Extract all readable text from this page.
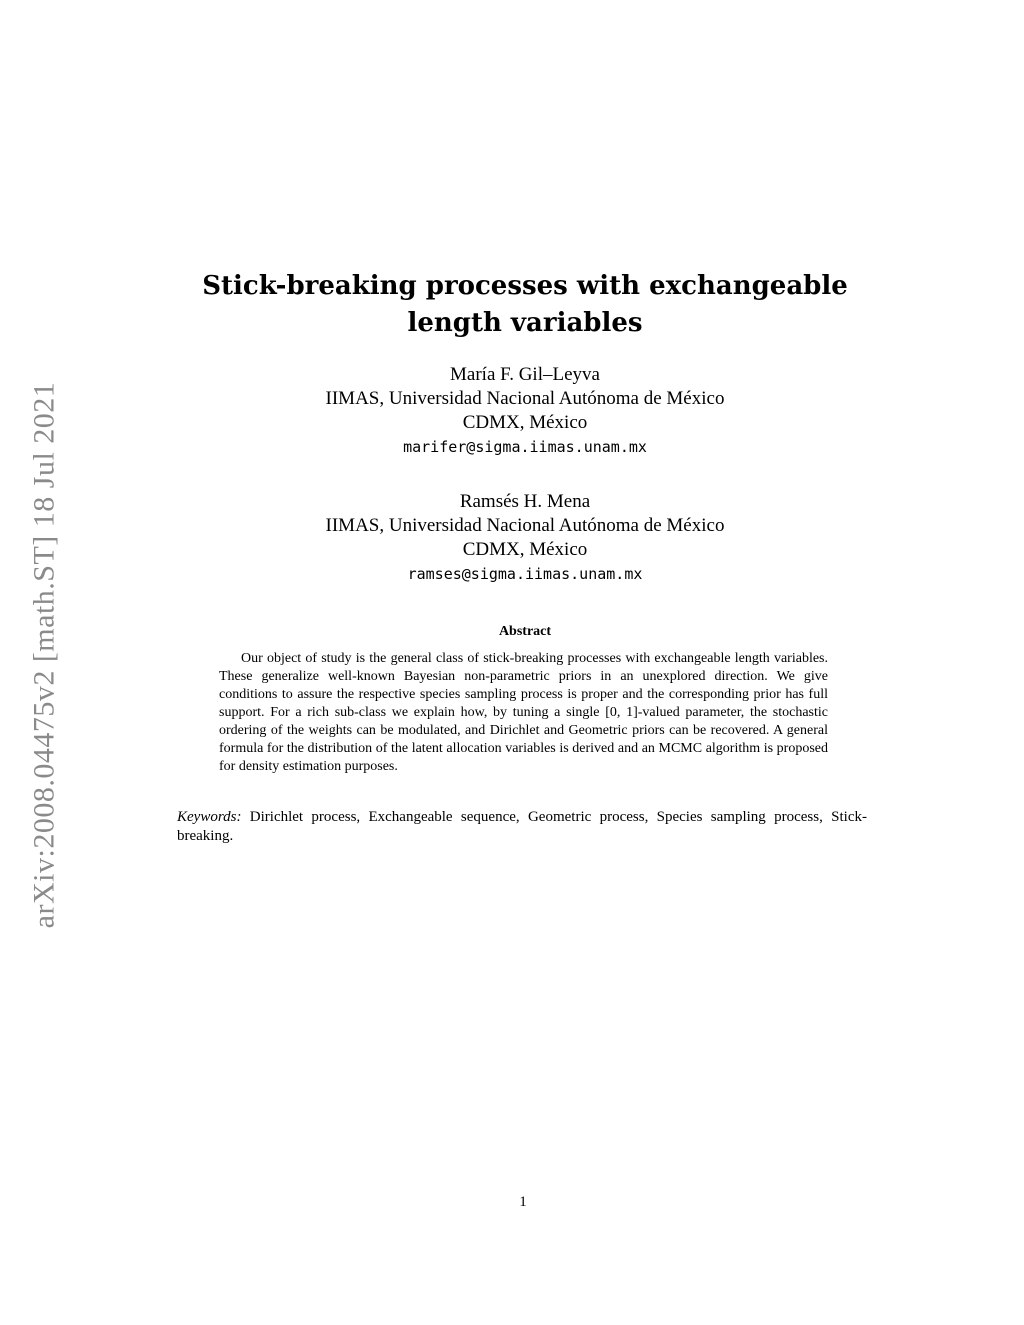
arXiv:2008.04475v2 [math.ST] 18 Jul 2021
Stick-breaking processes with exchangeable
length variables
María F. Gil–Leyva
IIMAS, Universidad Nacional Autónoma de México
CDMX, México
marifer@sigma.iimas.unam.mx
Ramsés H. Mena
IIMAS, Universidad Nacional Autónoma de México
CDMX, México
ramses@sigma.iimas.unam.mx
Abstract

Our object of study is the general class of stick-breaking processes with exchangeable length variables. These generalize well-known Bayesian non-parametric priors in an unexplored direction. We give conditions to assure the respective species sampling process is proper and the corresponding prior has full support. For a rich sub-class we explain how, by tuning a single [0, 1]-valued parameter, the stochastic ordering of the weights can be modulated, and Dirichlet and Geometric priors can be recovered. A general formula for the distribution of the latent allocation variables is derived and an MCMC algorithm is proposed for density estimation purposes.

Keywords: Dirichlet process, Exchangeable sequence, Geometric process, Species sampling process, Stick-breaking.

1
